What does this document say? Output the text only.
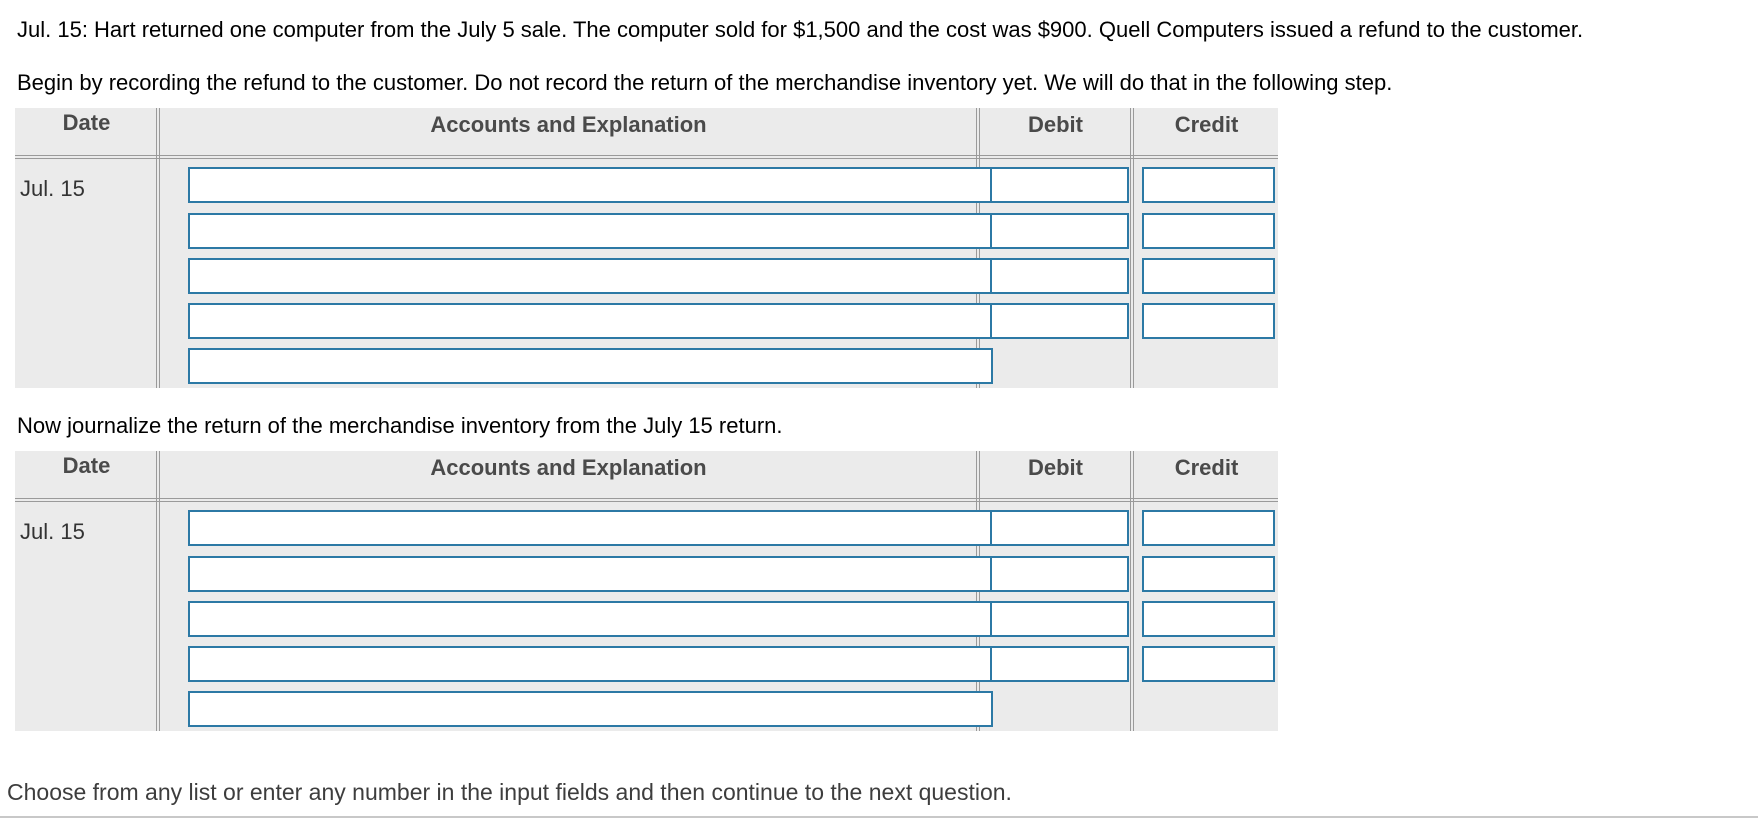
Jul. 15: Hart returned one computer from the July 5 sale. The computer sold for $1,500 and the cost was $900. Quell Computers issued a refund to the customer.

Begin by recording the refund to the customer. Do not record the return of the merchandise inventory yet. We will do that in the following step.

Date	Accounts and Explanation	Debit	Credit
Jul. 15

Now journalize the return of the merchandise inventory from the July 15 return.

Date	Accounts and Explanation	Debit	Credit
Jul. 15
Choose from any list or enter any number in the input fields and then continue to the next question.
